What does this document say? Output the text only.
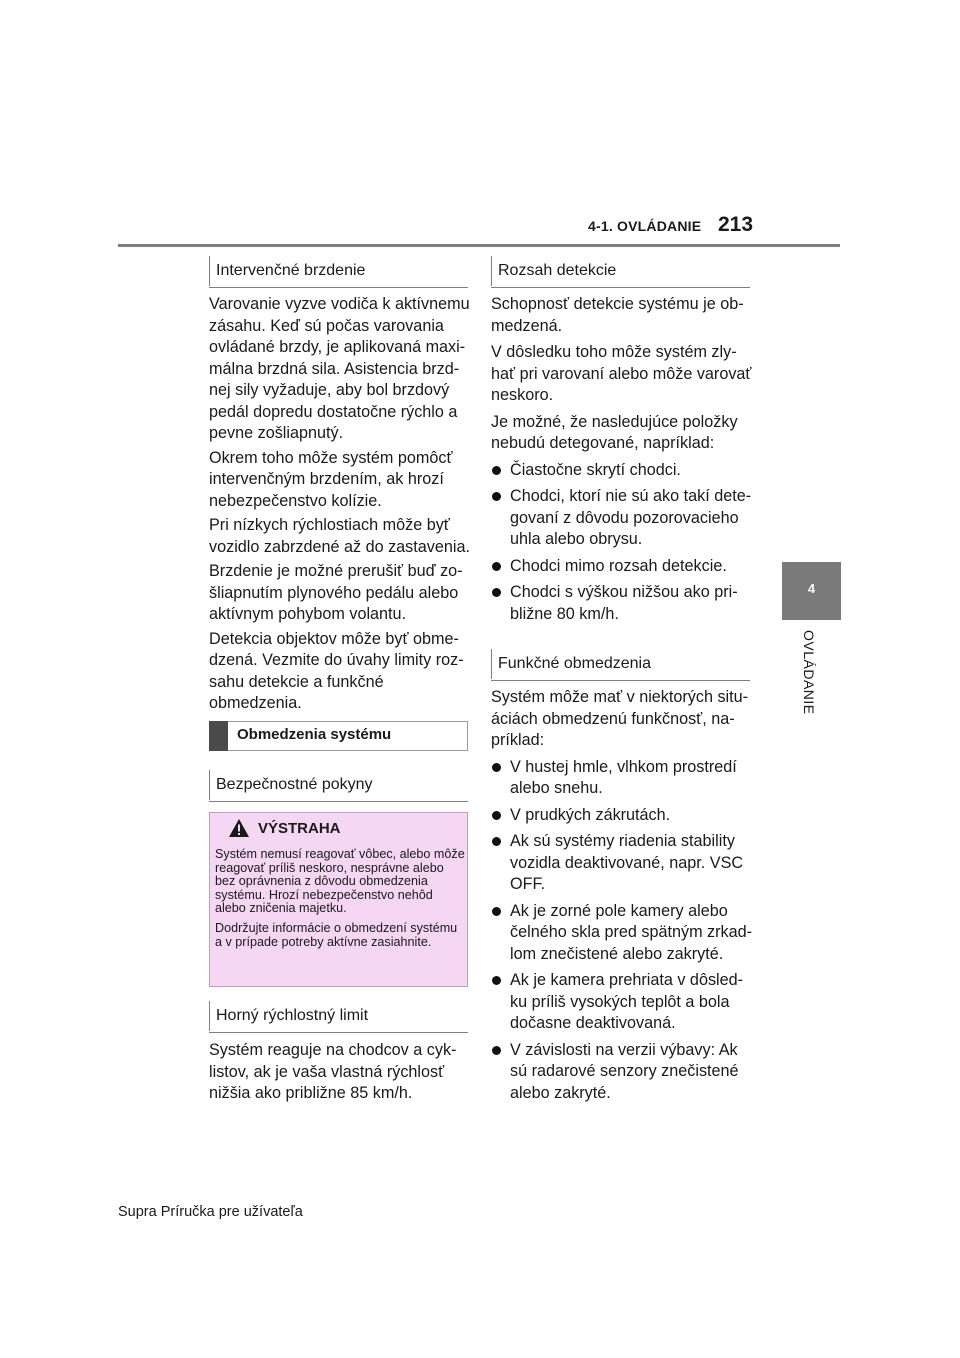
4-1. OVLÁDANIE 213
4
OVLÁDANIE
Intervenčné brzdenie

Varovanie vyzve vodiča k aktívnemu zásahu. Keď sú počas varovania ovládané brzdy, je aplikovaná maximálna brzdná sila. Asistencia brzdnej sily vyžaduje, aby bol brzdový pedál dopredu dostatočne rýchlo a pevne zošliapnutý.

Okrem toho môže systém pomôcť intervenčným brzdením, ak hrozí nebezpečenstvo kolízie.

Pri nízkych rýchlostiach môže byť vozidlo zabrzdené až do zastavenia.

Brzdenie je možné prerušiť buď zošliapnutím plynového pedálu alebo aktívnym pohybom volantu.

Detekcia objektov môže byť obmedzená. Vezmite do úvahy limity rozsahu detekcie a funkčné obmedzenia.

Obmedzenia systému
Bezpečnostné pokyny
VÝSTRAHA

Systém nemusí reagovať vôbec, alebo môže reagovať príliš neskoro, nesprávne alebo bez oprávnenia z dôvodu obmedzenia systému. Hrozí nebezpečenstvo nehôd alebo zničenia majetku.

Dodržujte informácie o obmedzení systému a v prípade potreby aktívne zasiahnite.

Horný rýchlostný limit

Systém reaguje na chodcov a cyklistov, ak je vaša vlastná rýchlosť nižšia ako približne 85 km/h.

Rozsah detekcie

Schopnosť detekcie systému je obmedzená.

V dôsledku toho môže systém zlyhať pri varovaní alebo môže varovať neskoro.

Je možné, že nasledujúce položky nebudú detegované, napríklad:

Čiastočne skrytí chodci.
Chodci, ktorí nie sú ako takí detegovaní z dôvodu pozorovacieho uhla alebo obrysu.
Chodci mimo rozsah detekcie.
Chodci s výškou nižšou ako približne 80 km/h.
Funkčné obmedzenia

Systém môže mať v niektorých situáciách obmedzenú funkčnosť, napríklad:

V hustej hmle, vlhkom prostredí alebo snehu.
V prudkých zákrutách.
Ak sú systémy riadenia stability vozidla deaktivované, napr. VSC OFF.
Ak je zorné pole kamery alebo čelného skla pred spätným zrkadlom znečistené alebo zakryté.
Ak je kamera prehriata v dôsledku príliš vysokých teplôt a bola dočasne deaktivovaná.
V závislosti na verzii výbavy: Ak sú radarové senzory znečistené alebo zakryté.
Supra Príručka pre užívateľa
